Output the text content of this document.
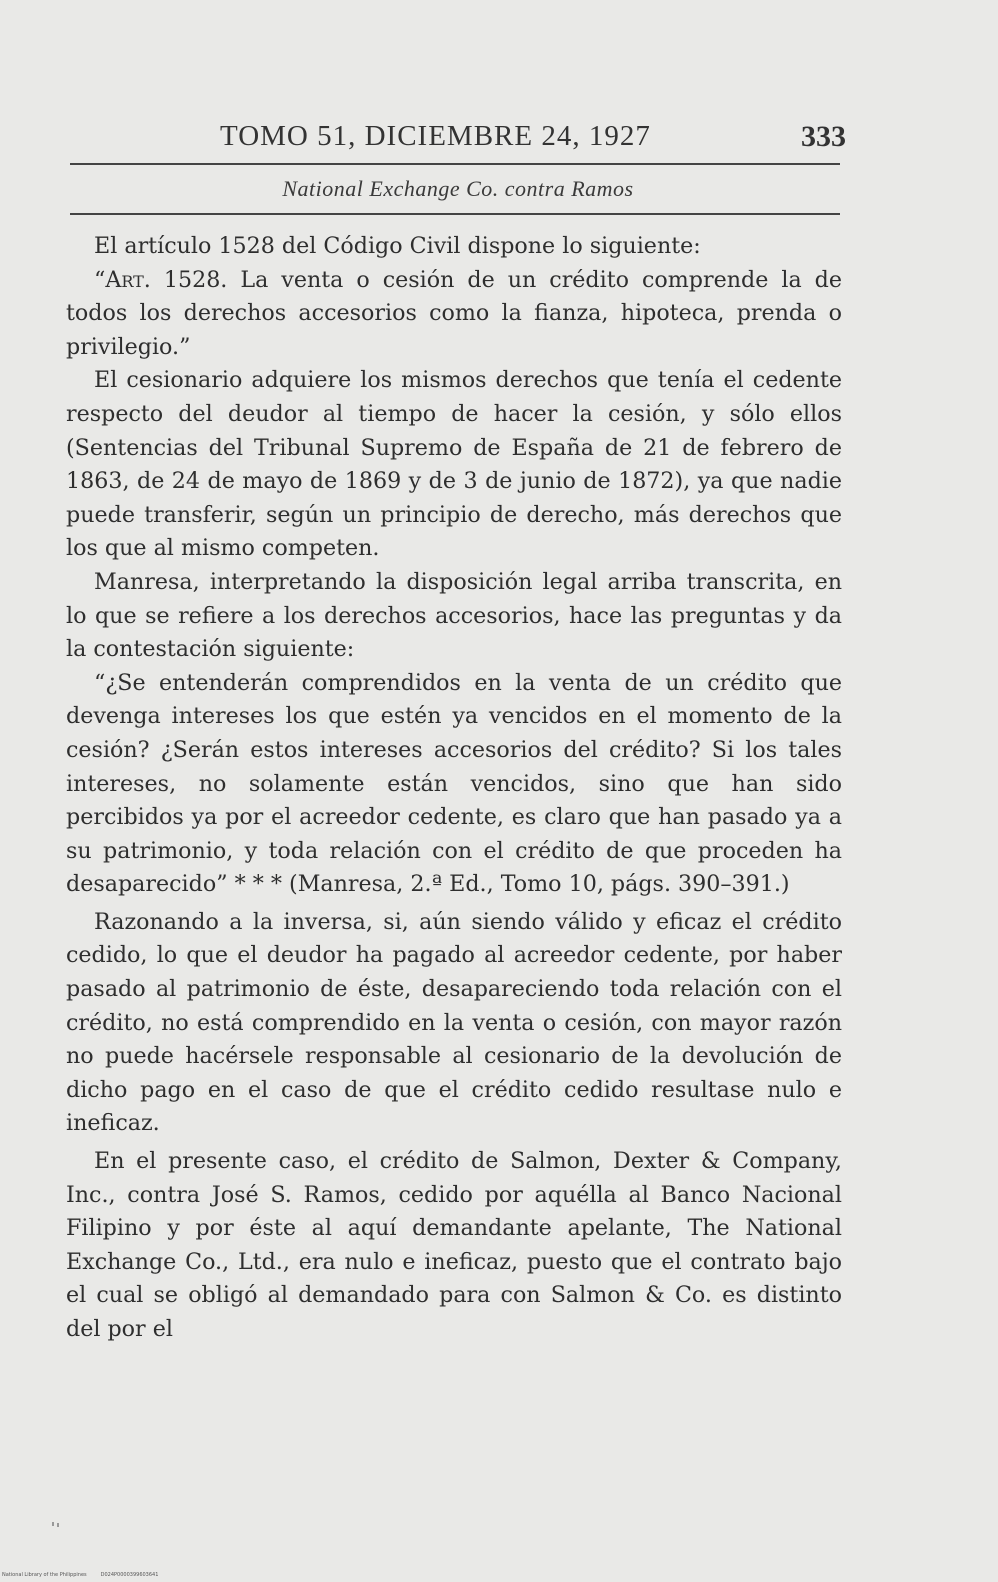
TOMO 51, DICIEMBRE 24, 1927	333
National Exchange Co. contra Ramos

El artículo 1528 del Código Civil dispone lo siguiente:

“Art. 1528. La venta o cesión de un crédito comprende la de todos los derechos accesorios como la fianza, hipoteca, prenda o privilegio.”

El cesionario adquiere los mismos derechos que tenía el cedente respecto del deudor al tiempo de hacer la cesión, y sólo ellos (Sentencias del Tribunal Supremo de España de 21 de febrero de 1863, de 24 de mayo de 1869 y de 3 de junio de 1872), ya que nadie puede transferir, según un principio de derecho, más derechos que los que al mismo competen.

Manresa, interpretando la disposición legal arriba transcrita, en lo que se refiere a los derechos accesorios, hace las preguntas y da la contestación siguiente:

“¿Se entenderán comprendidos en la venta de un crédito que devenga intereses los que estén ya vencidos en el momento de la cesión? ¿Serán estos intereses accesorios del crédito? Si los tales intereses, no solamente están vencidos, sino que han sido percibidos ya por el acreedor cedente, es claro que han pasado ya a su patrimonio, y toda relación con el crédito de que proceden ha desaparecido” * * * (Manresa, 2.ª Ed., Tomo 10, págs. 390–391.)

Razonando a la inversa, si, aún siendo válido y eficaz el crédito cedido, lo que el deudor ha pagado al acreedor cedente, por haber pasado al patrimonio de éste, desapareciendo toda relación con el crédito, no está comprendido en la venta o cesión, con mayor razón no puede hacérsele responsable al cesionario de la devolución de dicho pago en el caso de que el crédito cedido resultase nulo e ineficaz.

En el presente caso, el crédito de Salmon, Dexter & Company, Inc., contra José S. Ramos, cedido por aquélla al Banco Nacional Filipino y por éste al aquí demandante apelante, The National Exchange Co., Ltd., era nulo e ineficaz, puesto que el contrato bajo el cual se obligó al demandado para con Salmon & Co. es distinto del por el

National Library of the Philippines	D024P0000399603641
